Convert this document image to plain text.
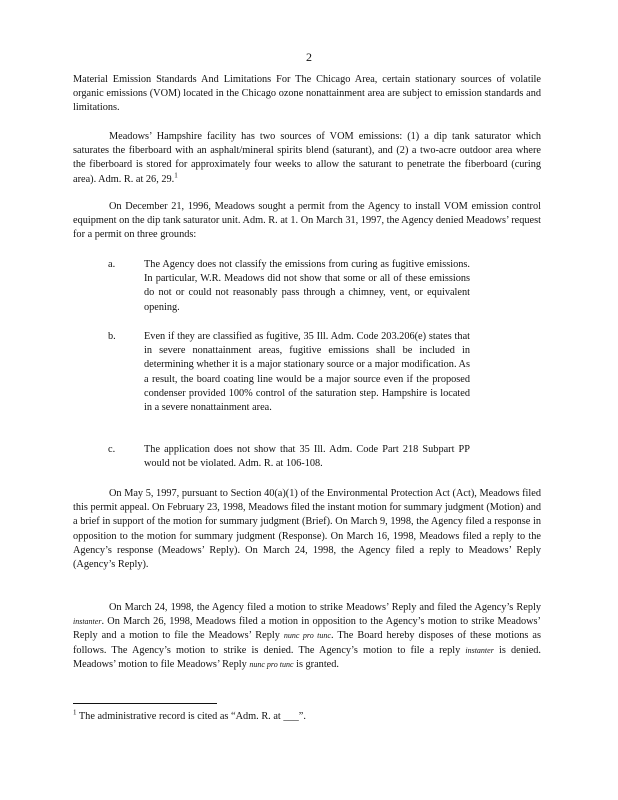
2

Material Emission Standards And Limitations For The Chicago Area, certain stationary sources of volatile organic emissions (VOM) located in the Chicago ozone nonattainment area are subject to emission standards and limitations.

Meadows’ Hampshire facility has two sources of VOM emissions: (1) a dip tank saturator which saturates the fiberboard with an asphalt/mineral spirits blend (saturant), and (2) a two-acre outdoor area where the fiberboard is stored for approximately four weeks to allow the saturant to penetrate the fiberboard (curing area). Adm. R. at 26, 29.$^1$

On December 21, 1996, Meadows sought a permit from the Agency to install VOM emission control equipment on the dip tank saturator unit. Adm. R. at 1. On March 31, 1997, the Agency denied Meadows’ request for a permit on three grounds:

a.	The Agency does not classify the emissions from curing as fugitive emissions. In particular, W.R. Meadows did not show that some or all of these emissions do not or could not reasonably pass through a chimney, vent, or equivalent opening.
b.	Even if they are classified as fugitive, 35 Ill. Adm. Code 203.206(e) states that in severe nonattainment areas, fugitive emissions shall be included in determining whether it is a major stationary source or a major modification. As a result, the board coating line would be a major source even if the proposed condenser provided 100% control of the saturation step. Hampshire is located in a severe nonattainment area.
c.	The application does not show that 35 Ill. Adm. Code Part 218 Subpart PP would not be violated. Adm. R. at 106-108.

On May 5, 1997, pursuant to Section 40(a)(1) of the Environmental Protection Act (Act), Meadows filed this permit appeal. On February 23, 1998, Meadows filed the instant motion for summary judgment (Motion) and a brief in support of the motion for summary judgment (Brief). On March 9, 1998, the Agency filed a response in opposition to the motion for summary judgment (Response). On March 16, 1998, Meadows filed a reply to the Agency’s response (Meadows’ Reply). On March 24, 1998, the Agency filed a reply to Meadows’ Reply (Agency’s Reply).

On March 24, 1998, the Agency filed a motion to strike Meadows’ Reply and filed the Agency’s Reply instanter. On March 26, 1998, Meadows filed a motion in opposition to the Agency’s motion to strike Meadows’ Reply and a motion to file the Meadows’ Reply nunc pro tunc. The Board hereby disposes of these motions as follows. The Agency’s motion to strike is denied. The Agency’s motion to file a reply instanter is denied. Meadows’ motion to file Meadows’ Reply nunc pro tunc is granted.

$^1$ The administrative record is cited as “Adm. R. at ___”.
